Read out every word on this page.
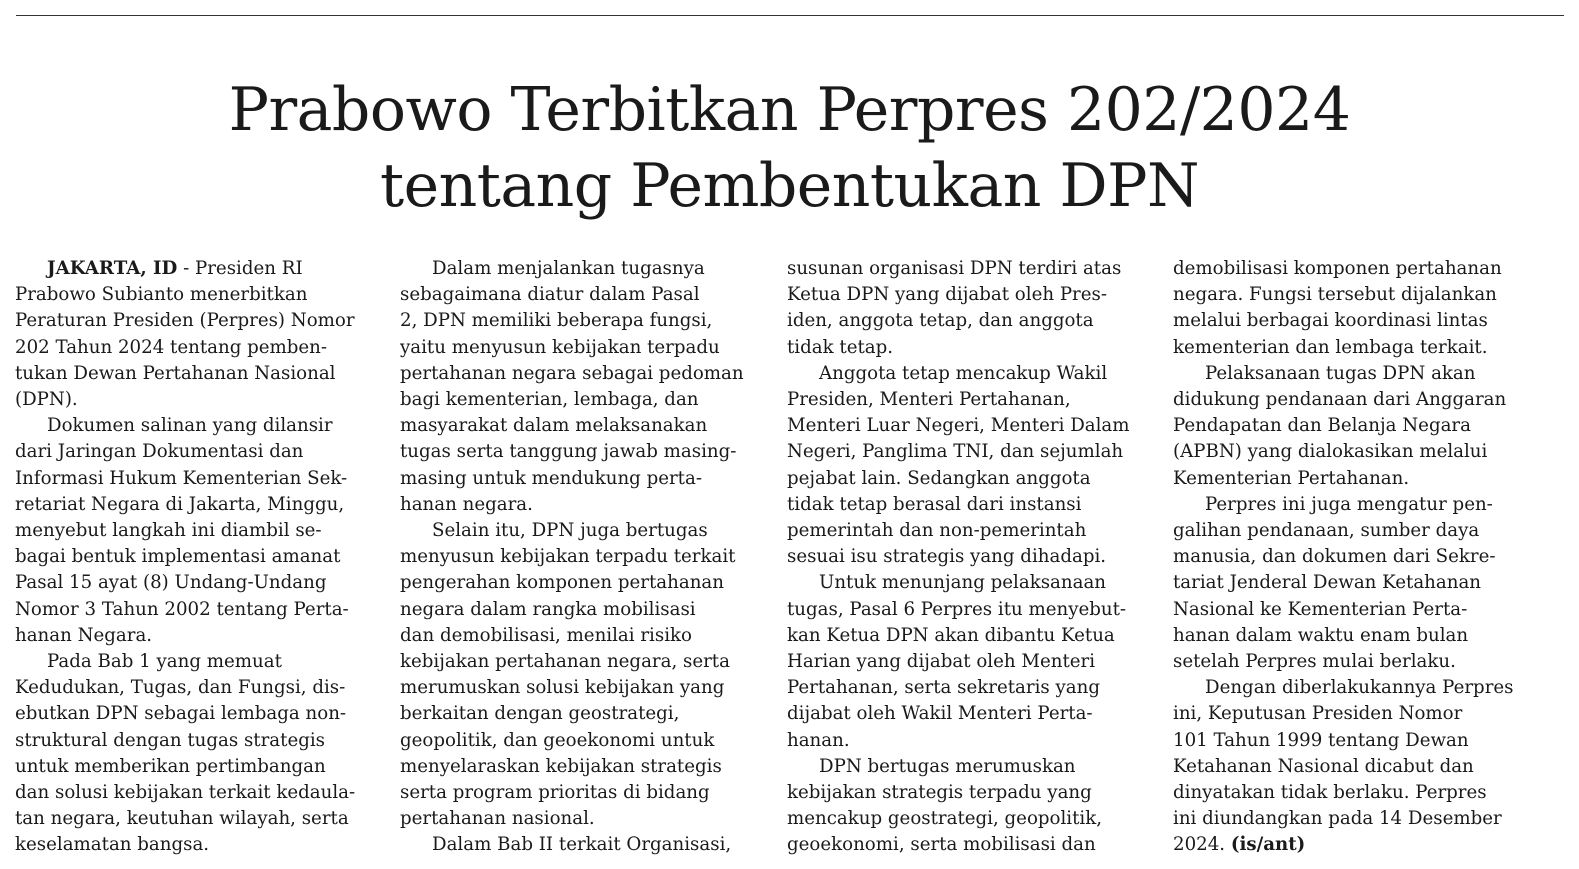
Prabowo Terbitkan Perpres 202/2024
tentang Pembentukan DPN

JAKARTA, ID - Presiden RI
Prabowo Subianto menerbitkan
Peraturan Presiden (Perpres) Nomor
202 Tahun 2024 tentang pemben-
tukan Dewan Pertahanan Nasional
(DPN).

Dokumen salinan yang dilansir
dari Jaringan Dokumentasi dan
Informasi Hukum Kementerian Sek-
retariat Negara di Jakarta, Minggu,
menyebut langkah ini diambil se-
bagai bentuk implementasi amanat
Pasal 15 ayat (8) Undang-Undang
Nomor 3 Tahun 2002 tentang Perta-
hanan Negara.

Pada Bab 1 yang memuat
Kedudukan, Tugas, dan Fungsi, dis-
ebutkan DPN sebagai lembaga non-
struktural dengan tugas strategis
untuk memberikan pertimbangan
dan solusi kebijakan terkait kedaula-
tan negara, keutuhan wilayah, serta
keselamatan bangsa.

Dalam menjalankan tugasnya
sebagaimana diatur dalam Pasal
2, DPN memiliki beberapa fungsi,
yaitu menyusun kebijakan terpadu
pertahanan negara sebagai pedoman
bagi kementerian, lembaga, dan
masyarakat dalam melaksanakan
tugas serta tanggung jawab masing-
masing untuk mendukung perta-
hanan negara.

Selain itu, DPN juga bertugas
menyusun kebijakan terpadu terkait
pengerahan komponen pertahanan
negara dalam rangka mobilisasi
dan demobilisasi, menilai risiko
kebijakan pertahanan negara, serta
merumuskan solusi kebijakan yang
berkaitan dengan geostrategi,
geopolitik, dan geoekonomi untuk
menyelaraskan kebijakan strategis
serta program prioritas di bidang
pertahanan nasional.

Dalam Bab II terkait Organisasi,

susunan organisasi DPN terdiri atas
Ketua DPN yang dijabat oleh Pres-
iden, anggota tetap, dan anggota
tidak tetap.

Anggota tetap mencakup Wakil
Presiden, Menteri Pertahanan,
Menteri Luar Negeri, Menteri Dalam
Negeri, Panglima TNI, dan sejumlah
pejabat lain. Sedangkan anggota
tidak tetap berasal dari instansi
pemerintah dan non-pemerintah
sesuai isu strategis yang dihadapi.

Untuk menunjang pelaksanaan
tugas, Pasal 6 Perpres itu menyebut-
kan Ketua DPN akan dibantu Ketua
Harian yang dijabat oleh Menteri
Pertahanan, serta sekretaris yang
dijabat oleh Wakil Menteri Perta-
hanan.

DPN bertugas merumuskan
kebijakan strategis terpadu yang
mencakup geostrategi, geopolitik,
geoekonomi, serta mobilisasi dan

demobilisasi komponen pertahanan
negara. Fungsi tersebut dijalankan
melalui berbagai koordinasi lintas
kementerian dan lembaga terkait.

Pelaksanaan tugas DPN akan
didukung pendanaan dari Anggaran
Pendapatan dan Belanja Negara
(APBN) yang dialokasikan melalui
Kementerian Pertahanan.

Perpres ini juga mengatur pen-
galihan pendanaan, sumber daya
manusia, dan dokumen dari Sekre-
tariat Jenderal Dewan Ketahanan
Nasional ke Kementerian Perta-
hanan dalam waktu enam bulan
setelah Perpres mulai berlaku.

Dengan diberlakukannya Perpres
ini, Keputusan Presiden Nomor
101 Tahun 1999 tentang Dewan
Ketahanan Nasional dicabut dan
dinyatakan tidak berlaku. Perpres
ini diundangkan pada 14 Desember
2024. (is/ant)
